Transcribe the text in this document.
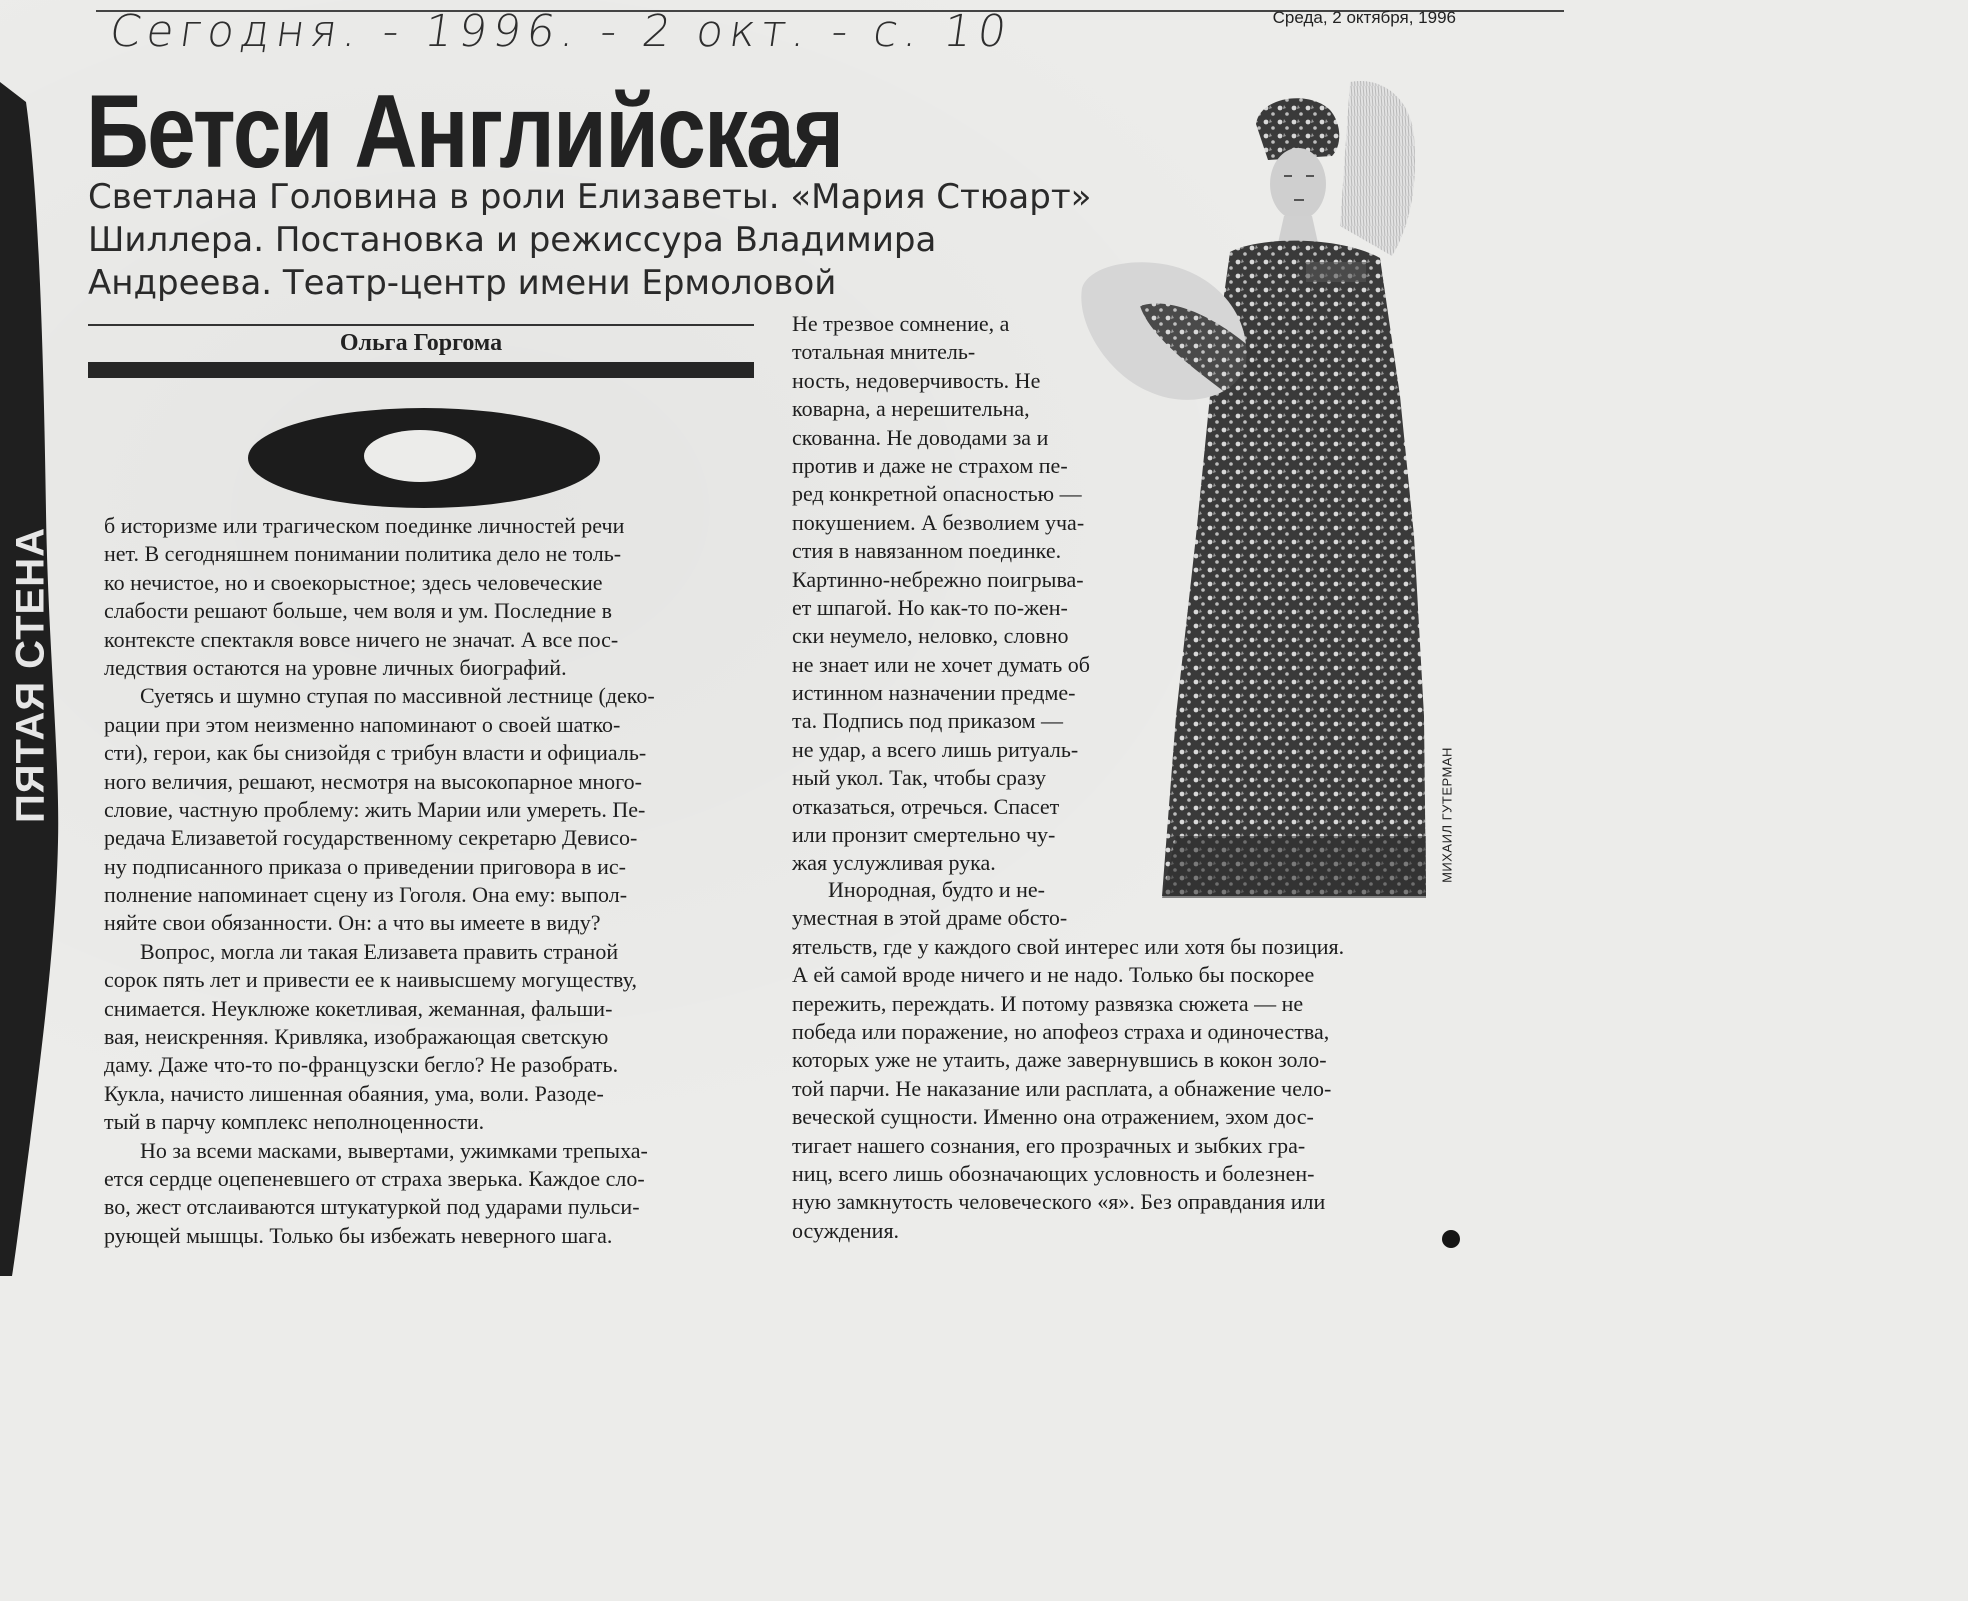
Сегодня. - 1996. - 2 окт. - с. 10	Среда, 2 октября, 1996
ПЯТАЯ СТЕНА
Бетси Английская
Светлана Головина в роли Елизаветы. «Мария Стюарт»
Шиллера. Постановка и режиссура Владимира
Андреева. Театр-центр имени Ермоловой
Ольга Горгома
б историзме или трагическом поединке личностей речи
нет. В сегодняшнем понимании политика дело не толь-
ко нечистое, но и своекорыстное; здесь человеческие
слабости решают больше, чем воля и ум. Последние в
контексте спектакля вовсе ничего не значат. А все пос-
ледствия остаются на уровне личных биографий.
Суетясь и шумно ступая по массивной лестнице (деко-
рации при этом неизменно напоминают о своей шатко-
сти), герои, как бы снизойдя с трибун власти и официаль-
ного величия, решают, несмотря на высокопарное много-
словие, частную проблему: жить Марии или умереть. Пе-
редача Елизаветой государственному секретарю Девисо-
ну подписанного приказа о приведении приговора в ис-
полнение напоминает сцену из Гоголя. Она ему: выпол-
няйте свои обязанности. Он: а что вы имеете в виду?
Вопрос, могла ли такая Елизавета править страной
сорок пять лет и привести ее к наивысшему могуществу,
снимается. Неуклюже кокетливая, жеманная, фальши-
вая, неискренняя. Кривляка, изображающая светскую
даму. Даже что-то по-французски бегло? Не разобрать.
Кукла, начисто лишенная обаяния, ума, воли. Разоде-
тый в парчу комплекс неполноценности.
Но за всеми масками, вывертами, ужимками трепыха-
ется сердце оцепеневшего от страха зверька. Каждое сло-
во, жест отслаиваются штукатуркой под ударами пульси-
рующей мышцы. Только бы избежать неверного шага.
Не трезвое сомнение, а
тотальная мнитель-
ность, недоверчивость. Не
коварна, а нерешительна,
скованна. Не доводами за и
против и даже не страхом пе-
ред конкретной опасностью —
покушением. А безволием уча-
стия в навязанном поединке.
Картинно-небрежно поигрыва-
ет шпагой. Но как-то по-жен-
ски неумело, неловко, словно
не знает или не хочет думать об
истинном назначении предме-
та. Подпись под приказом —
не удар, а всего лишь ритуаль-
ный укол. Так, чтобы сразу
отказаться, отречься. Спасет
или пронзит смертельно чу-
жая услужливая рука.
Инородная, будто и не-
уместная в этой драме обсто-
ятельств, где у каждого свой интерес или хотя бы позиция.
А ей самой вроде ничего и не надо. Только бы поскорее
пережить, переждать. И потому развязка сюжета — не
победа или поражение, но апофеоз страха и одиночества,
которых уже не утаить, даже завернувшись в кокон золо-
той парчи. Не наказание или расплата, а обнажение чело-
веческой сущности. Именно она отражением, эхом дос-
тигает нашего сознания, его прозрачных и зыбких гра-
ниц, всего лишь обозначающих условность и болезнен-
ную замкнутость человеческого «я». Без оправдания или
осуждения.
МИХАИЛ ГУТЕРМАН
